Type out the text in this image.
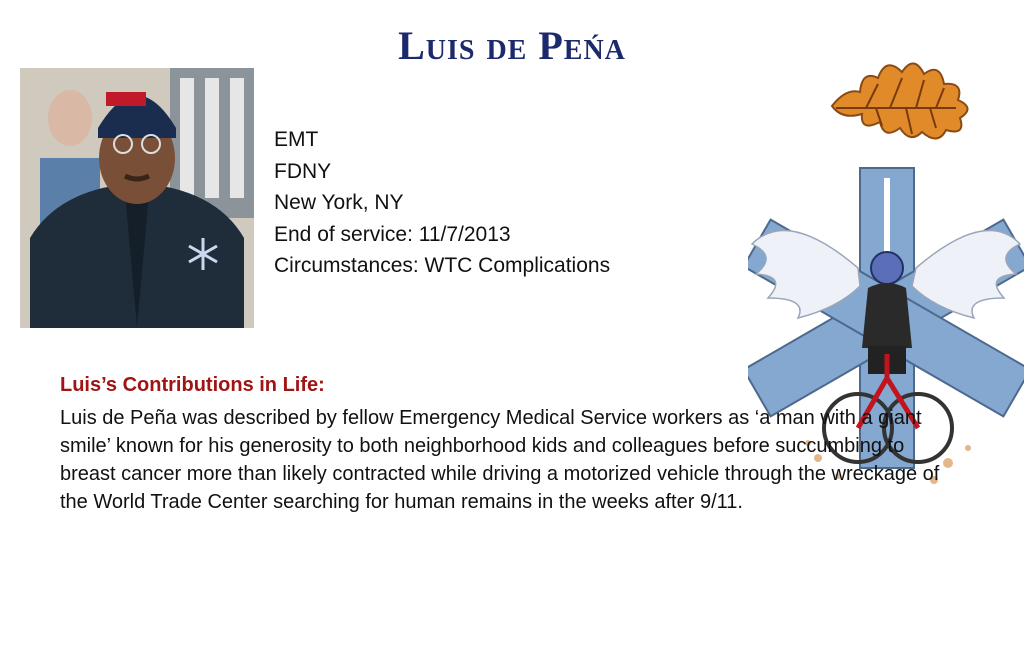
Luis de Peńa
EMT
FDNY
New York, NY
End of service: 11/7/2013
Circumstances: WTC Complications
Luis’s Contributions in Life:

Luis de Peña was described by fellow Emergency Medical Service workers as ‘a man with a giant smile’ known for his generosity to both neighborhood kids and colleagues before succumbing to breast cancer more than likely contracted while driving a motorized vehicle through the wreckage of the World Trade Center searching for human remains in the weeks after 9/11.
